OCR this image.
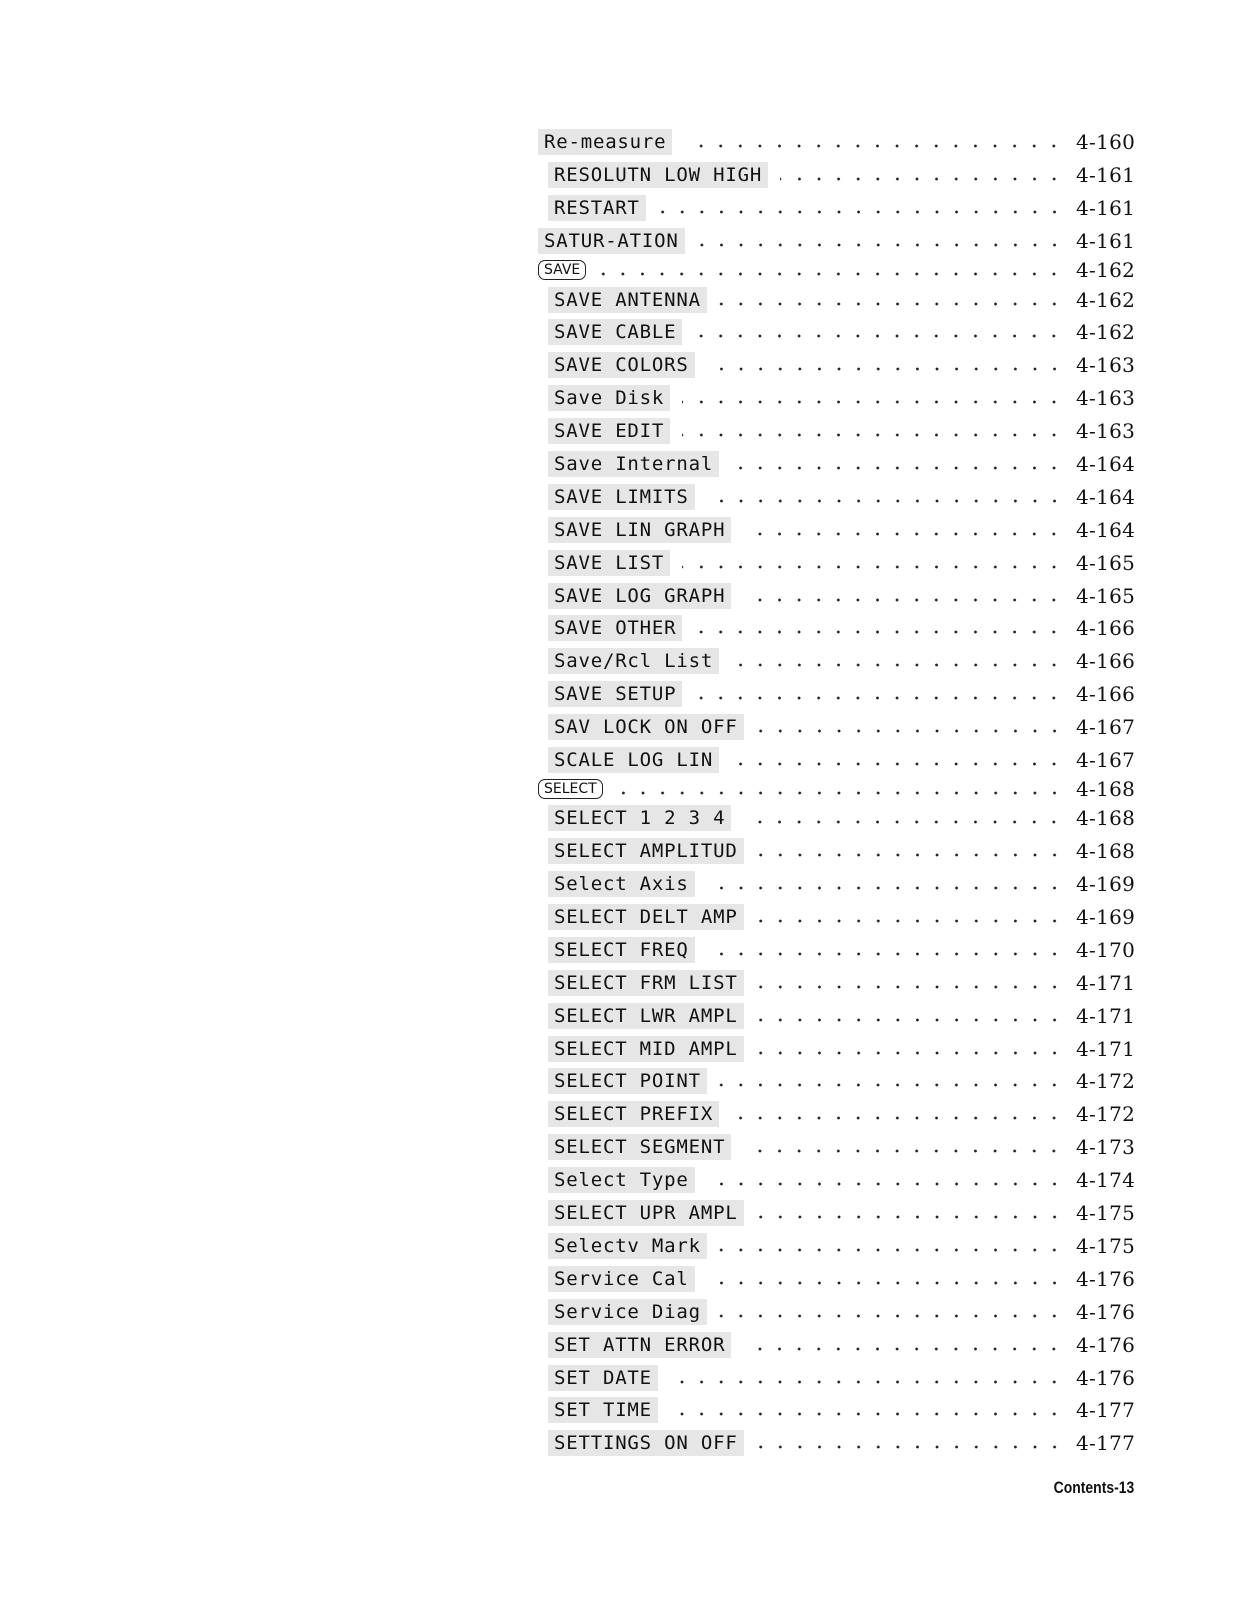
Re-measure	4-160
RESOLUTN LOW HIGH	4-161
RESTART	4-161
SATUR-ATION	4-161
SAVE	4-162
SAVE ANTENNA	4-162
SAVE CABLE	4-162
SAVE COLORS	4-163
Save Disk	4-163
SAVE EDIT	4-163
Save Internal	4-164
SAVE LIMITS	4-164
SAVE LIN GRAPH	4-164
SAVE LIST	4-165
SAVE LOG GRAPH	4-165
SAVE OTHER	4-166
Save/Rcl List	4-166
SAVE SETUP	4-166
SAV LOCK ON OFF	4-167
SCALE LOG LIN	4-167
SELECT	4-168
SELECT 1 2 3 4	4-168
SELECT AMPLITUD	4-168
Select Axis	4-169
SELECT DELT AMP	4-169
SELECT FREQ	4-170
SELECT FRM LIST	4-171
SELECT LWR AMPL	4-171
SELECT MID AMPL	4-171
SELECT POINT	4-172
SELECT PREFIX	4-172
SELECT SEGMENT	4-173
Select Type	4-174
SELECT UPR AMPL	4-175
Selectv Mark	4-175
Service Cal	4-176
Service Diag	4-176
SET ATTN ERROR	4-176
SET DATE	4-176
SET TIME	4-177
SETTINGS ON OFF	4-177
Contents-13
